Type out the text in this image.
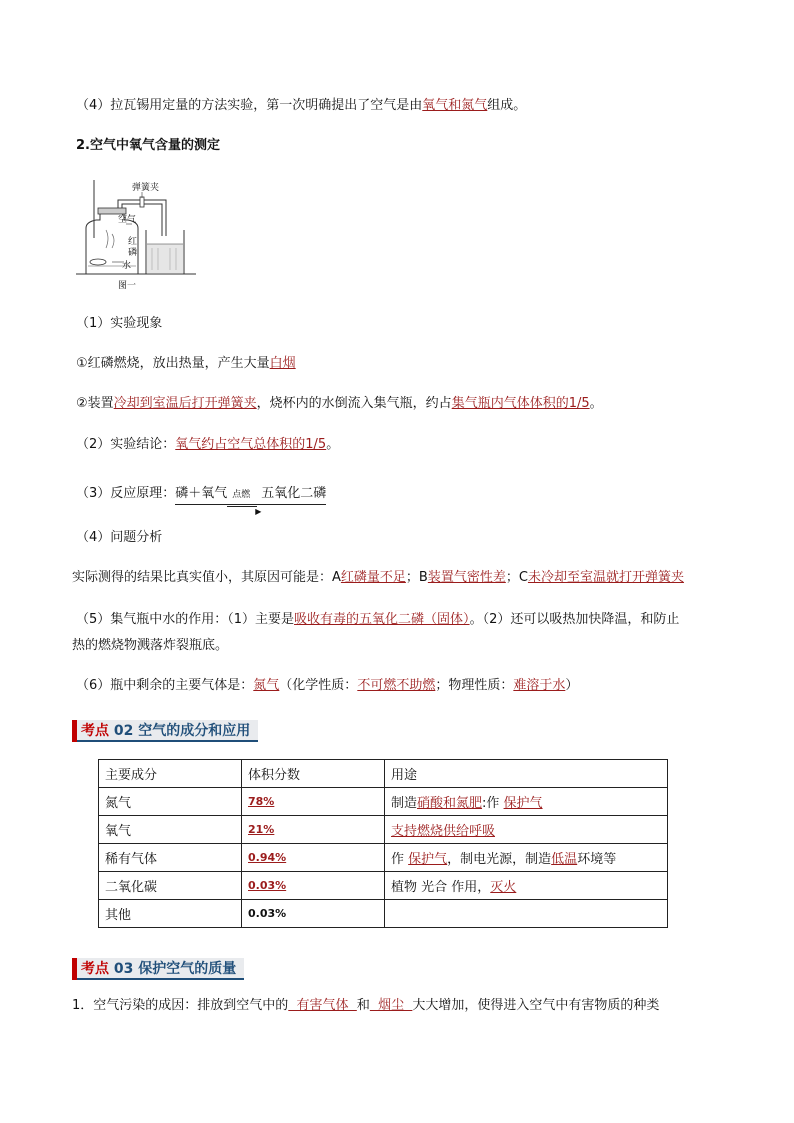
（4）拉瓦锡用定量的方法实验，第一次明确提出了空气是由氧气和氮气组成。
2.空气中氧气含量的测定
弹簧夹
空气
红
磷
水
图一
（1）实验现象
①红磷燃烧，放出热量，产生大量白烟
②装置冷却到室温后打开弹簧夹，烧杯内的水倒流入集气瓶，约占集气瓶内气体体积的1/5。
（2）实验结论：氧气约占空气总体积的1/5。
（3）反应原理：磷＋氧气 点燃
▶
五氧化二磷
（4）问题分析
实际测得的结果比真实值小，其原因可能是：A红磷量不足；B装置气密性差；C未冷却至室温就打开弹簧夹
（5）集气瓶中水的作用：（1）主要是吸收有毒的五氧化二磷（固体）。（2）还可以吸热加快降温，和防止
热的燃烧物溅落炸裂瓶底。
（6）瓶中剩余的主要气体是：氮气（化学性质：不可燃不助燃；物理性质：难溶于水）
考点 02 空气的成分和应用
主要成分	体积分数	用途
氮气	78%	制造硝酸和氮肥:作 保护气
氧气	21%	支持燃烧供给呼吸
稀有气体	0.94%	作 保护气，制电光源，制造低温环境等
二氧化碳	0.03%	植物 光合 作用，灭火
其他	0.03%	
考点 03 保护空气的质量
1．空气污染的成因：排放到空气中的  有害气体  和  烟尘  大大增加，使得进入空气中有害物质的种类
